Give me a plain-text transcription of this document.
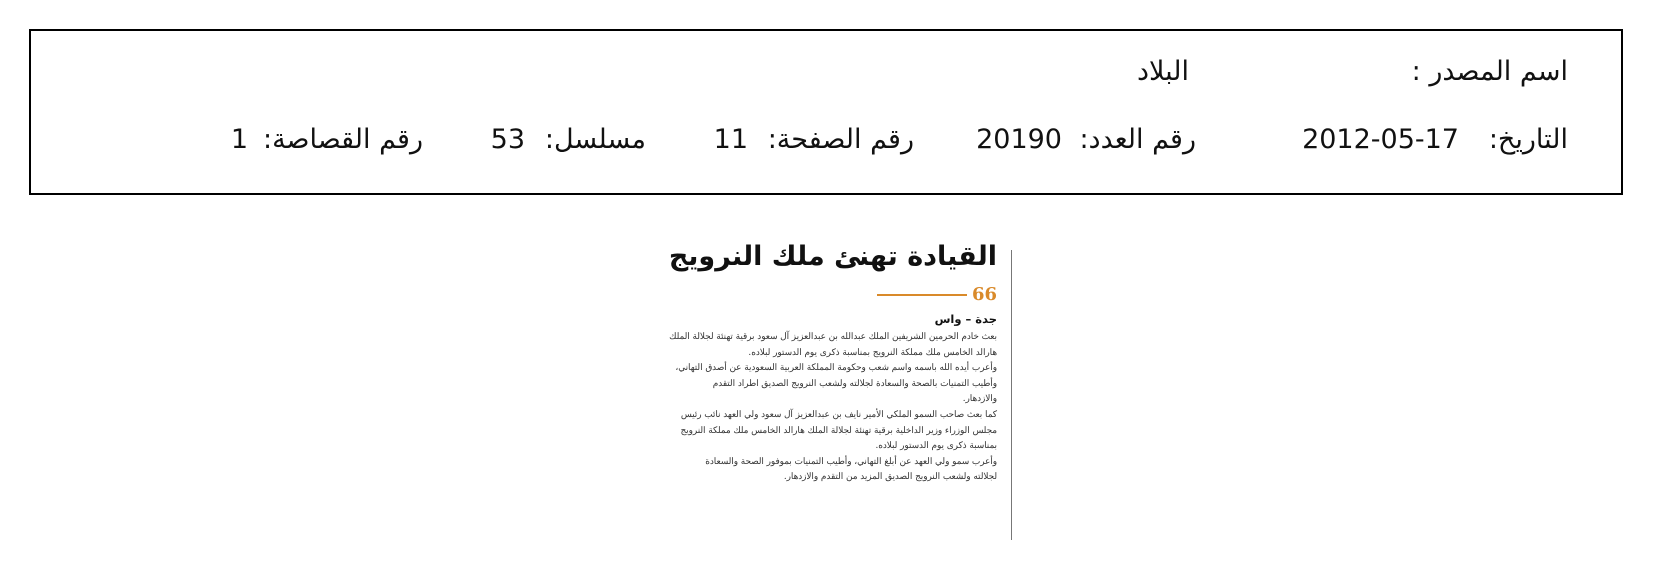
اسم المصدر :
البلاد
التاريخ:
2012-05-17
رقم العدد:
20190
رقم الصفحة:
11
مسلسل:
53
رقم القصاصة:
1
القيادة تهنئ ملك النرويج
66
جدة – واس
بعث خادم الحرمين الشريفين الملك عبدالله بن عبدالعزيز آل سعود برقية تهنئة لجلالة الملك
هارالد الخامس ملك مملكة النرويج بمناسبة ذكرى يوم الدستور لبلاده.
وأعرب أيده الله باسمه واسم شعب وحكومة المملكة العربية السعودية عن أصدق التهاني،
وأطيب التمنيات بالصحة والسعادة لجلالته ولشعب النرويج الصديق اطراد التقدم
والازدهار.
كما بعث صاحب السمو الملكي الأمير نايف بن عبدالعزيز آل سعود ولي العهد نائب رئيس
مجلس الوزراء وزير الداخلية برقية تهنئة لجلالة الملك هارالد الخامس ملك مملكة النرويج
بمناسبة ذكرى يوم الدستور لبلاده.
وأعرب سمو ولي العهد عن أبلغ التهاني، وأطيب التمنيات بموفور الصحة والسعادة
لجلالته ولشعب النرويج الصديق المزيد من التقدم والازدهار.
